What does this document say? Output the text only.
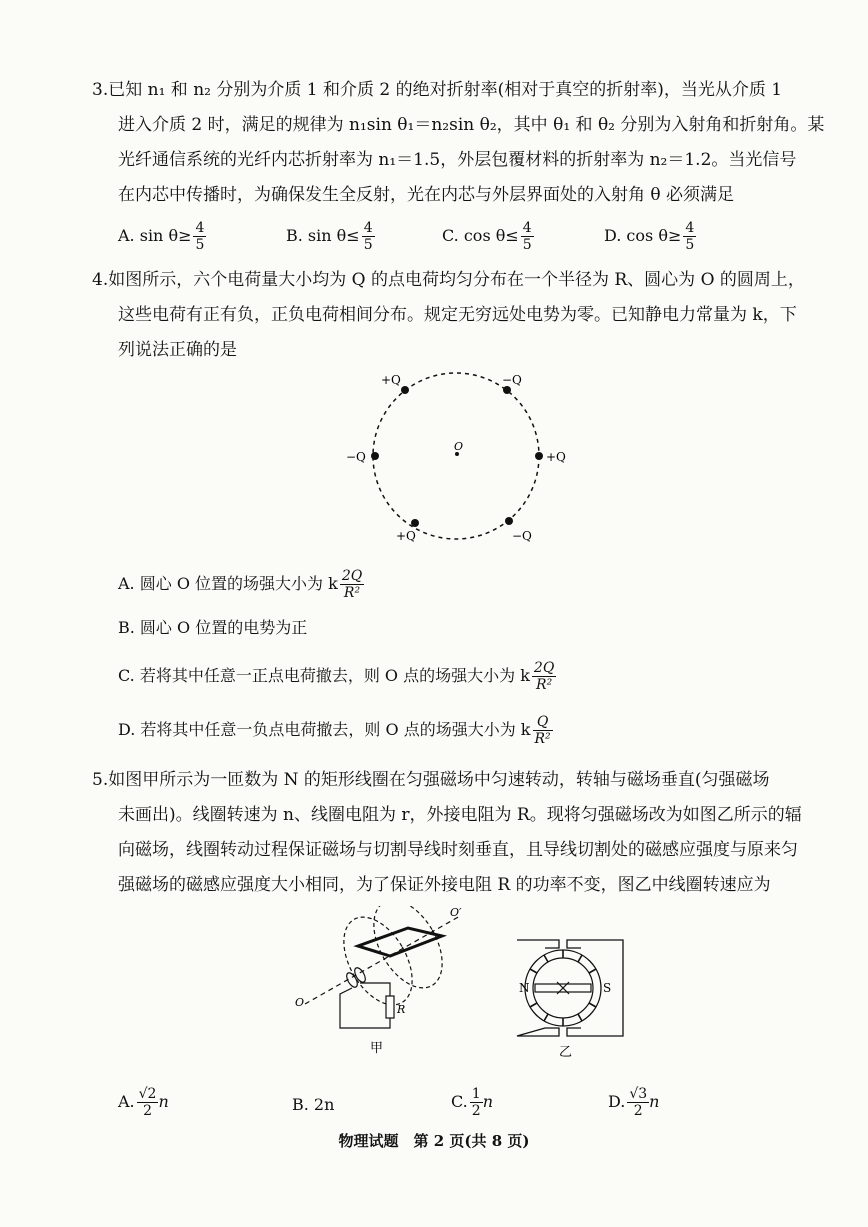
3.已知 n₁ 和 n₂ 分别为介质 1 和介质 2 的绝对折射率(相对于真空的折射率)，当光从介质 1
进入介质 2 时，满足的规律为 n₁sin θ₁＝n₂sin θ₂，其中 θ₁ 和 θ₂ 分别为入射角和折射角。某
光纤通信系统的光纤内芯折射率为 n₁＝1.5，外层包覆材料的折射率为 n₂＝1.2。当光信号
在内芯中传播时，为确保发生全反射，光在内芯与外层界面处的入射角 θ 必须满足
A. $\sin \theta\ge \frac{4}{5}$	B. $\sin \theta\le \frac{4}{5}$	C. $\cos \theta\le \frac{4}{5}$	D. $\cos \theta\ge \frac{4}{5}$
4.如图所示，六个电荷量大小均为 Q 的点电荷均匀分布在一个半径为 R、圆心为 O 的圆周上，
这些电荷有正有负，正负电荷相间分布。规定无穷远处电势为零。已知静电力常量为 k，下
列说法正确的是
O
+Q	−Q
+Q
−Q
+Q
−Q
A. 圆心 O 位置的场强大小为 k $\frac{2Q}{\text{R²}}$
B. 圆心 O 位置的电势为正
C. 若将其中任意一正点电荷撤去，则 O 点的场强大小为 k $\frac{2Q}{\text{R²}}$
D. 若将其中任意一负点电荷撤去，则 O 点的场强大小为 k $\frac{Q}{\text{R²}}$
5.如图甲所示为一匝数为 N 的矩形线圈在匀强磁场中匀速转动，转轴与磁场垂直(匀强磁场
未画出)。线圈转速为 n、线圈电阻为 r，外接电阻为 R。现将匀强磁场改为如图乙所示的辐
向磁场，线圈转动过程保证磁场与切割导线时刻垂直，且导线切割处的磁感应强度与原来匀
强磁场的磁感应强度大小相同，为了保证外接电阻 R 的功率不变，图乙中线圈转速应为
R
O
O′
甲
N	S
乙
A. $\frac{√2}{2}$ n	B. 2n	C. $\frac{1}{2}$ n	D. $\frac{√3}{2}$ n
物理试题　第 2 页(共 8 页)
